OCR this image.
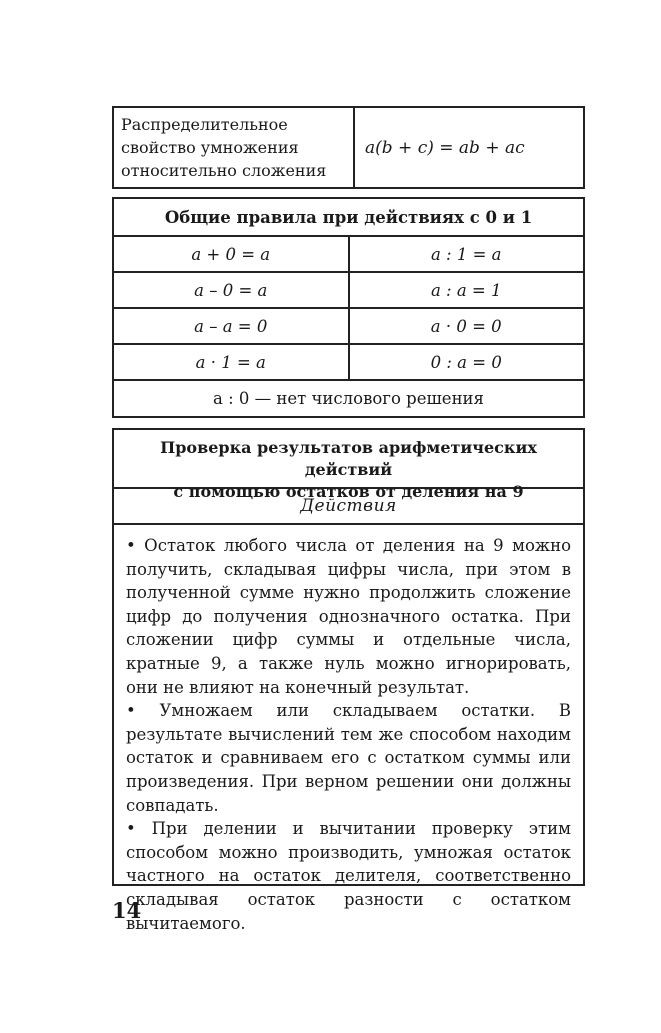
Распределительное
свойство умножения
относительно сложения
	a(b + c) = ab + ac
Общие правила при действиях с 0 и 1	
a + 0 = a	a : 1 = a
a – 0 = a	a : a = 1
a – a = 0	a · 0 = 0
a · 1 = a	0 : a = 0
a : 0 — нет числового решения	
Проверка результатов арифметических действий
с помощью остатков от деления на 9
Действия

• Остаток любого числа от деления на 9 можно получить, складывая цифры числа, при этом в полученной сумме нужно продолжить сложение цифр до получения однозначного остатка. При сложении цифр суммы и отдельные числа, кратные 9, а также нуль можно игнорировать, они не влияют на конечный результат.

• Умножаем или складываем остатки. В результате вычислений тем же способом находим остаток и сравниваем его с остатком суммы или произведения. При верном решении они должны совпадать.

• При делении и вычитании проверку этим способом можно производить, умножая остаток частного на остаток делителя, соответственно складывая остаток разности с остатком вычитаемого.

14
